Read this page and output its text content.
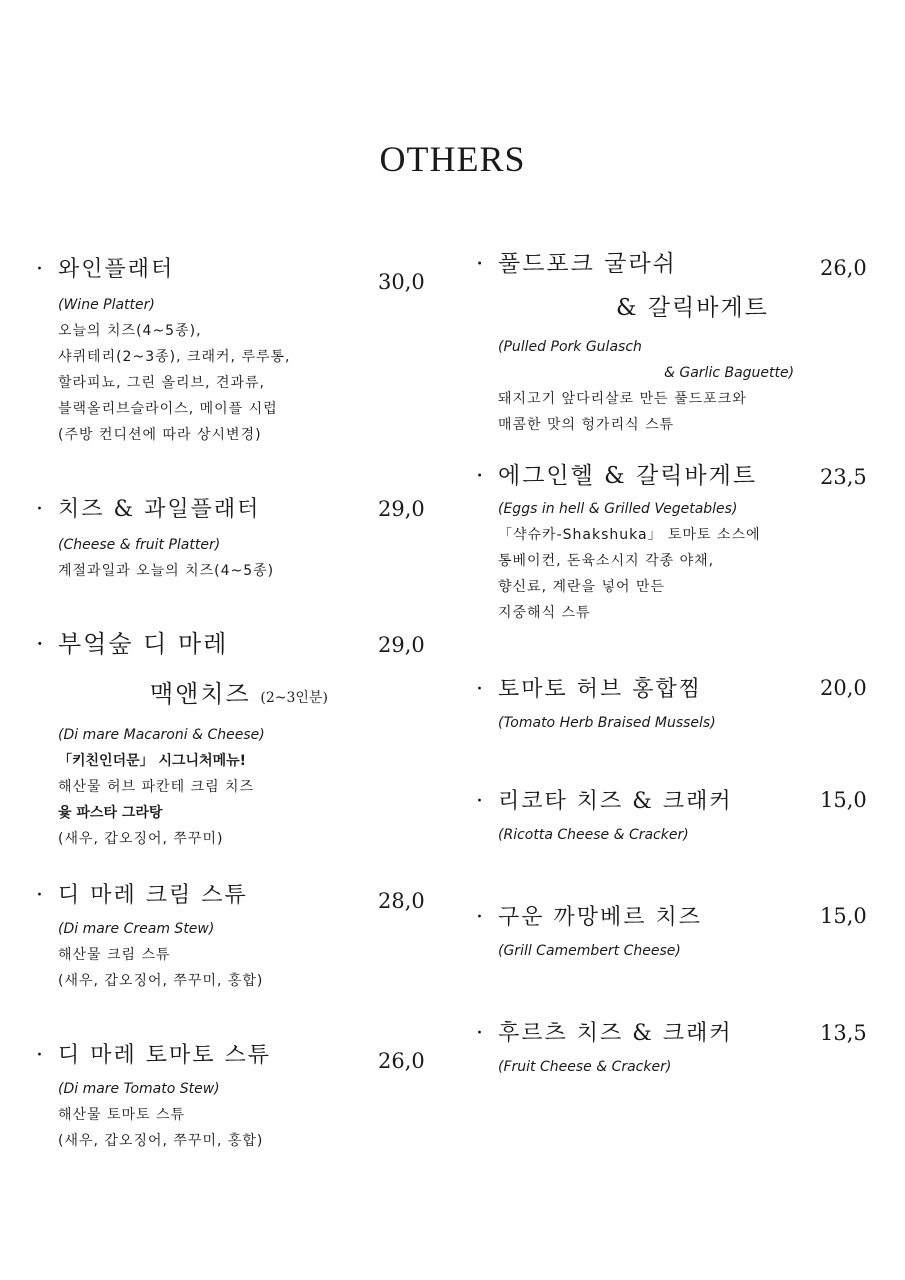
OTHERS
· 와인플래터
(Wine Platter)
오늘의 치즈(4~5종),
샤퀴테리(2~3종), 크래커, 루루통,
할라피뇨, 그린 올리브, 견과류,
블랙올리브슬라이스, 메이플 시럽
(주방 컨디션에 따라 상시변경)
30,0
· 치즈 & 과일플래터
(Cheese & fruit Platter)
계절과일과 오늘의 치즈(4~5종)
29,0
· 부엌숲 디 마레
맥앤치즈 (2~3인분)
(Di mare Macaroni & Cheese)
「키친인더문」 시그니처메뉴!
해산물 허브 파칸테 크림 치즈
윷 파스타 그라탕
(새우, 갑오징어, 쭈꾸미)
29,0
· 디 마레 크림 스튜
(Di mare Cream Stew)
해산물 크림 스튜
(새우, 갑오징어, 쭈꾸미, 홍합)
28,0
· 디 마레 토마토 스튜
(Di mare Tomato Stew)
해산물 토마토 스튜
(새우, 갑오징어, 쭈꾸미, 홍합)
26,0
· 풀드포크 굴라쉬
& 갈릭바게트
(Pulled Pork Gulasch
& Garlic Baguette)
돼지고기 앞다리살로 만든 풀드포크와
매콤한 맛의 헝가리식 스튜
26,0
· 에그인헬 & 갈릭바게트
(Eggs in hell & Grilled Vegetables)
「샥슈카-Shakshuka」 토마토 소스에
통베이컨, 돈육소시지 각종 야채,
향신료, 계란을 넣어 만든
지중해식 스튜
23,5
· 토마토 허브 홍합찜
(Tomato Herb Braised Mussels)
20,0
· 리코타 치즈 & 크래커
(Ricotta Cheese & Cracker)
15,0
· 구운 까망베르 치즈
(Grill Camembert Cheese)
15,0
· 후르츠 치즈 & 크래커
(Fruit Cheese & Cracker)
13,5
